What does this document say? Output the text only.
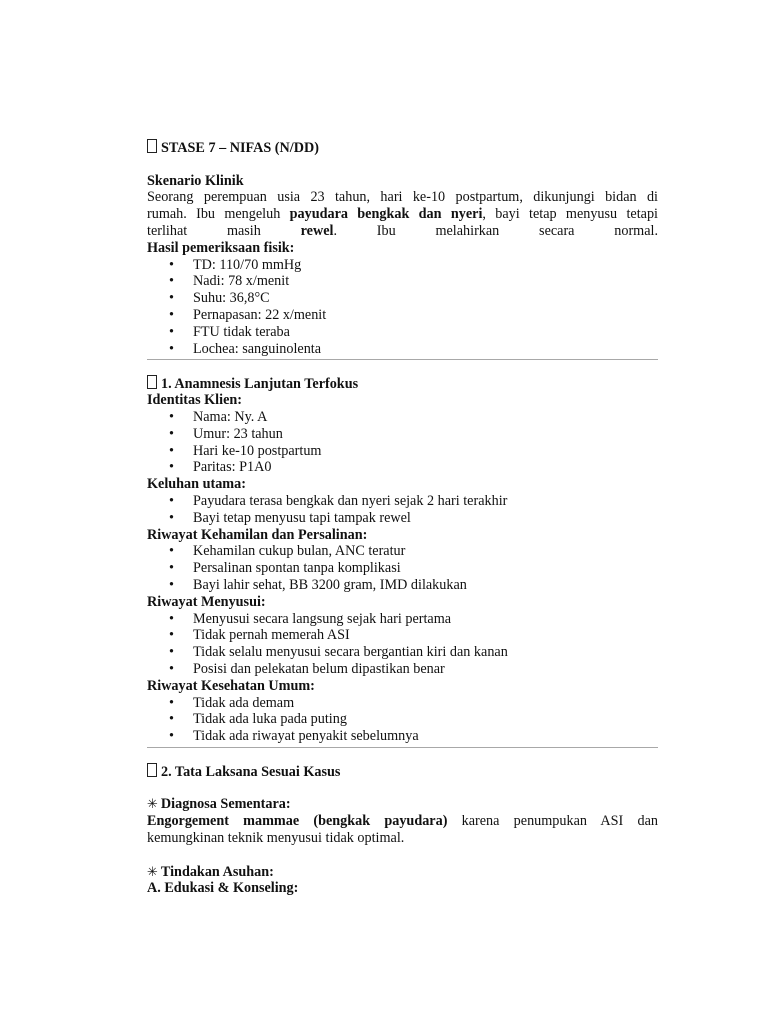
STASE 7 – NIFAS (N/DD)
Skenario Klinik
Seorang perempuan usia 23 tahun, hari ke-10 postpartum, dikunjungi bidan di
rumah. Ibu mengeluh payudara bengkak dan nyeri, bayi tetap menyusu tetapi
terlihat masih rewel. Ibu melahirkan secara normal.
Hasil pemeriksaan fisik:
• TD: 110/70 mmHg
• Nadi: 78 x/menit
• Suhu: 36,8°C
• Pernapasan: 22 x/menit
• FTU tidak teraba
• Lochea: sanguinolenta
1. Anamnesis Lanjutan Terfokus
Identitas Klien:
• Nama: Ny. A
• Umur: 23 tahun
• Hari ke-10 postpartum
• Paritas: P1A0
Keluhan utama:
• Payudara terasa bengkak dan nyeri sejak 2 hari terakhir
• Bayi tetap menyusu tapi tampak rewel
Riwayat Kehamilan dan Persalinan:
• Kehamilan cukup bulan, ANC teratur
• Persalinan spontan tanpa komplikasi
• Bayi lahir sehat, BB 3200 gram, IMD dilakukan
Riwayat Menyusui:
• Menyusui secara langsung sejak hari pertama
• Tidak pernah memerah ASI
• Tidak selalu menyusui secara bergantian kiri dan kanan
• Posisi dan pelekatan belum dipastikan benar
Riwayat Kesehatan Umum:
• Tidak ada demam
• Tidak ada luka pada puting
• Tidak ada riwayat penyakit sebelumnya
2. Tata Laksana Sesuai Kasus
✳ Diagnosa Sementara:
Engorgement mammae (bengkak payudara) karena penumpukan ASI dan
kemungkinan teknik menyusui tidak optimal.
✳ Tindakan Asuhan:
A. Edukasi & Konseling:
